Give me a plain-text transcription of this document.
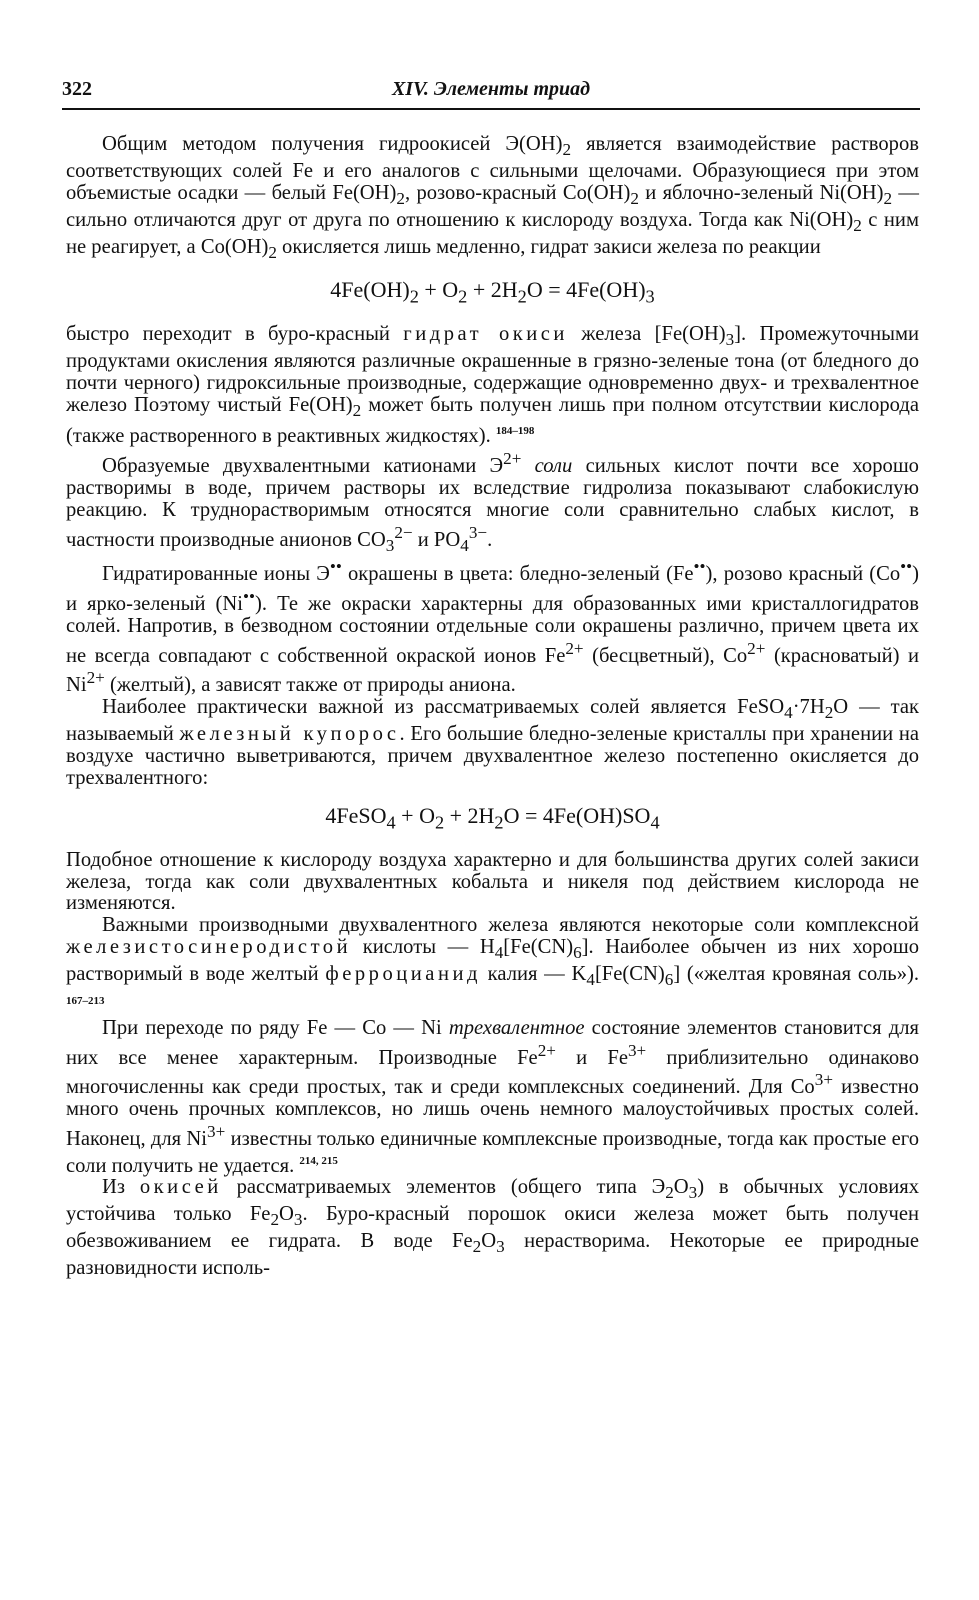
322	XIV. Элементы триад

Общим методом получения гидроокисей $Э(ОН)_2$ является взаимодействие растворов соответствующих солей Fe и его аналогов с сильными щелочами. Образующиеся при этом объемистые осадки — белый $Fe(OH)_2$, розово-красный $Co(OH)_2$ и яблочно-зеленый $Ni(OH)_2$ — сильно отличаются друг от друга по отношению к кислороду воздуха. Тогда как $Ni(OH)_2$ с ним не реагирует, а $Co(OH)_2$ окисляется лишь медленно, гидрат закиси железа по реакции

$4Fe(OH)_2 + O_2 + 2H_2O = 4Fe(OH)_3$

быстро переходит в буро-красный гидрат окиси железа $[Fe(OH)_3]$. Промежуточными продуктами окисления являются различные окрашенные в грязно-зеленые тона (от бледного до почти черного) гидроксильные производные, содержащие одновременно двух- и трехвалентное железо Поэтому чистый $Fe(OH)_2$ может быть получен лишь при полном отсутствии кислорода (также растворенного в реактивных жидкостях). $^{184-198}$

Образуемые двухвалентными катионами $Э^{2+}$ соли сильных кислот почти все хорошо растворимы в воде, причем растворы их вследствие гидролиза показывают слабокислую реакцию. К труднорастворимым относятся многие соли сравнительно слабых кислот, в частности производные анионов $CO_3^{2-}$ и $PO_4^{3-}$.

Гидратированные ионы Э•• окрашены в цвета: бледно-зеленый (Fe••), розово красный (Co••) и ярко-зеленый (Ni••). Те же окраски характерны для образованных ими кристаллогидратов солей. Напротив, в безводном состоянии отдельные соли окрашены различно, причем цвета их не всегда совпадают с собственной окраской ионов $Fe^{2+}$ (бесцветный), $Co^{2+}$ (красноватый) и $Ni^{2+}$ (желтый), а зависят также от природы аниона.

Наиболее практически важной из рассматриваемых солей является $FeSO_4\cdot 7H_2O$ — так называемый железный купорос. Его большие бледно-зеленые кристаллы при хранении на воздухе частично выветриваются, причем двухвалентное железо постепенно окисляется до трехвалентного:

4FeSO$_4$ + $O_2 + 2H_2O = 4Fe(OH)SO_4$

Подобное отношение к кислороду воздуха характерно и для большинства других солей закиси железа, тогда как соли двухвалентных кобальта и никеля под действием кислорода не изменяются.

Важными производными двухвалентного железа являются некоторые соли комплексной железистосинеродистой кислоты — $H_4[Fe(CN)_6]$. Наиболее обычен из них хорошо растворимый в воде желтый ферроцианид калия — $K_4[Fe(CN)_6]$ («желтая кровяная соль»). $^{167-213}$

При переходе по ряду Fe — Co — Ni трехвалентное состояние элементов становится для них все менее характерным. Производные $Fe^{2+}$ и $Fe^{3+}$ приблизительно одинаково многочисленны как среди простых, так и среди комплексных соединений. Для $Co^{3+}$ известно много очень прочных комплексов, но лишь очень немного малоустойчивых простых солей. Наконец, для $Ni^{3+}$ известны только единичные комплексные производные, тогда как простые его соли получить не удается. $^{214, 215}$

Из окисей рассматриваемых элементов (общего типа $Э_2O_3$) в обычных условиях устойчива только $Fe_2O_3$. Буро-красный порошок окиси железа может быть получен обезвоживанием ее гидрата. В воде $Fe_2O_3$ нерастворима. Некоторые ее природные разновидности исполь-
